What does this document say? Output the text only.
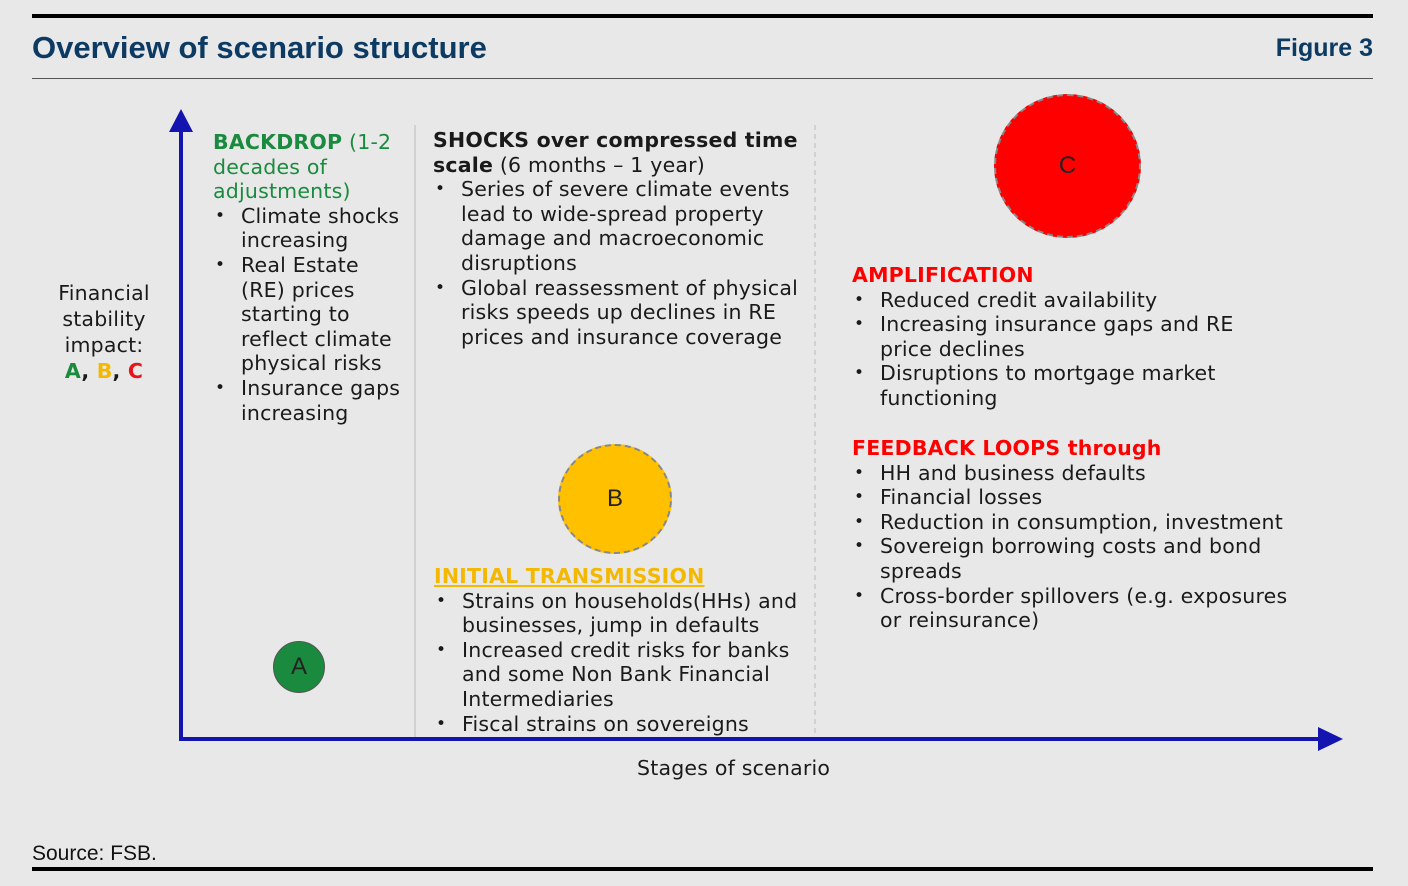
Overview of scenario structure	Figure 3
Financial
stability
impact:
A, B, C
BACKDROP (1-2 decades of adjustments)
• Climate shocks increasing
• Real Estate (RE) prices starting to reflect climate physical risks
• Insurance gaps increasing
SHOCKS over compressed time scale (6 months – 1 year)
• Series of severe climate events lead to wide-spread property damage and macroeconomic disruptions
• Global reassessment of physical risks speeds up declines in RE prices and insurance coverage
INITIAL TRANSMISSION
• Strains on households(HHs) and businesses, jump in defaults
• Increased credit risks for banks and some Non Bank Financial Intermediaries
• Fiscal strains on sovereigns
AMPLIFICATION
• Reduced credit availability
• Increasing insurance gaps and RE price declines
• Disruptions to mortgage market functioning
FEEDBACK LOOPS through
• HH and business defaults
• Financial losses
• Reduction in consumption, investment
• Sovereign borrowing costs and bond spreads
• Cross-border spillovers (e.g. exposures or reinsurance)
A
B
C
Stages of scenario
Source: FSB.
